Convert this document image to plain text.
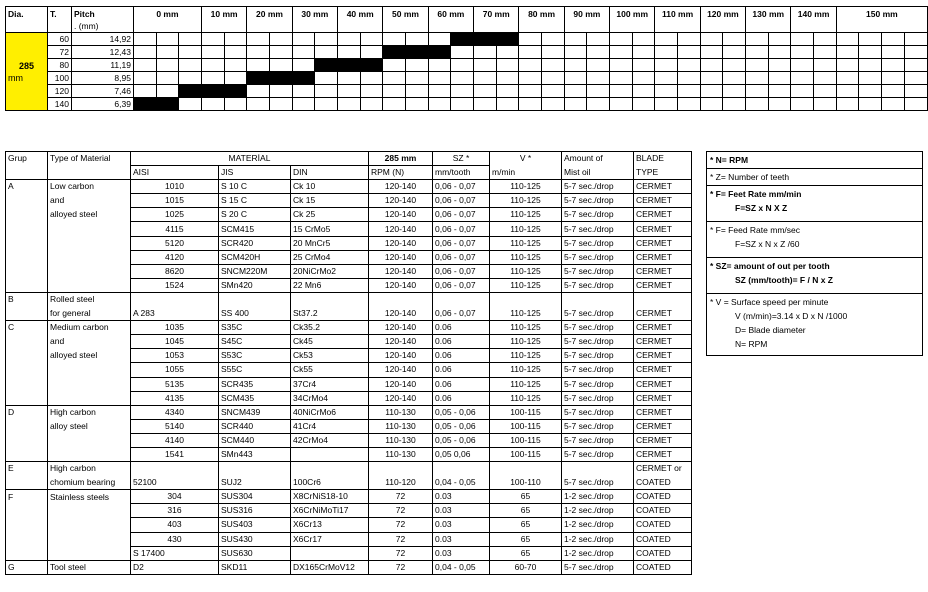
Dia.	T.	Pitch
. (mm)	0 mm			10 mm		20 mm		30 mm		40 mm		50 mm		60 mm		70 mm		80 mm		90 mm		100 mm		110 mm		120 mm		130 mm		140 mm		150 mm			

285
mm	60	14,92																																			
	72	12,43																																			
	80	11,19																																			
	100	8,95																																			
	120	7,46																																			
	140	6,39																																			
Grup	Type of Material	MATERİAL			285 mm	SZ *	V *	Amount of	BLADE
		AISI	JIS	DIN	RPM (N)	mm/tooth	m/min	Mist oil	TYPE
A	Low carbon	1010	S 10 C	Ck 10	120-140	0,06 - 0,07	110-125	5-7 sec./drop	CERMET
	and	1015	S 15 C	Ck 15	120-140	0,06 - 0,07	110-125	5-7 sec./drop	CERMET
	alloyed steel	1025	S 20 C	Ck 25	120-140	0,06 - 0,07	110-125	5-7 sec./drop	CERMET
		4115	SCM415	15 CrMo5	120-140	0,06 - 0,07	110-125	5-7 sec./drop	CERMET
		5120	SCR420	20 MnCr5	120-140	0,06 - 0,07	110-125	5-7 sec./drop	CERMET
		4120	SCM420H	25 CrMo4	120-140	0,06 - 0,07	110-125	5-7 sec./drop	CERMET
		8620	SNCM220M	20NiCrMo2	120-140	0,06 - 0,07	110-125	5-7 sec./drop	CERMET
		1524	SMn420	22 Mn6	120-140	0,06 - 0,07	110-125	5-7 sec./drop	CERMET
B	Rolled steel								
	for general	A 283	SS 400	St37.2	120-140	0,06 - 0,07	110-125	5-7 sec./drop	CERMET
C	Medium carbon	1035	S35C	Ck35.2	120-140	0.06	110-125	5-7 sec./drop	CERMET
	and	1045	S45C	Ck45	120-140	0.06	110-125	5-7 sec./drop	CERMET
	alloyed steel	1053	S53C	Ck53	120-140	0.06	110-125	5-7 sec./drop	CERMET
		1055	S55C	Ck55	120-140	0.06	110-125	5-7 sec./drop	CERMET
		5135	SCR435	37Cr4	120-140	0.06	110-125	5-7 sec./drop	CERMET
		4135	SCM435	34CrMo4	120-140	0.06	110-125	5-7 sec./drop	CERMET
D	High carbon	4340	SNCM439	40NiCrMo6	110-130	0,05 - 0,06	100-115	5-7 sec./drop	CERMET
	alloy steel	5140	SCR440	41Cr4	110-130	0,05 - 0,06	100-115	5-7 sec./drop	CERMET
		4140	SCM440	42CrMo4	110-130	0,05 - 0,06	100-115	5-7 sec./drop	CERMET
		1541	SMn443		110-130	0,05 0,06	100-115	5-7 sec./drop	CERMET
E	High carbon								CERMET or
	chomium bearing	52100	SUJ2	100Cr6	110-120	0,04 - 0,05	100-110	5-7 sec./drop	COATED
F	Stainless steels	304	SUS304	X8CrNiS18-10	72	0.03	65	1-2 sec./drop	COATED
		316	SUS316	X6CrNiMoTi17	72	0.03	65	1-2 sec./drop	COATED
		403	SUS403	X6Cr13	72	0.03	65	1-2 sec./drop	COATED
		430	SUS430	X6Cr17	72	0.03	65	1-2 sec./drop	COATED
		S 17400	SUS630		72	0.03	65	1-2 sec./drop	COATED
G	Tool steel	D2	SKD11	DX165CrMoV12	72	0,04 - 0,05	60-70	5-7 sec./drop	COATED
* N= RPM
* Z= Number of teeth
* F= Feet Rate mm/min
F=SZ x N X Z
* F= Feed Rate mm/sec
F=SZ x N x Z /60
* SZ= amount of out per tooth
SZ (mm/tooth)= F / N x Z
* V = Surface speed per minute
V (m/min)=3.14 x D x N /1000
D= Blade diameter
N= RPM
